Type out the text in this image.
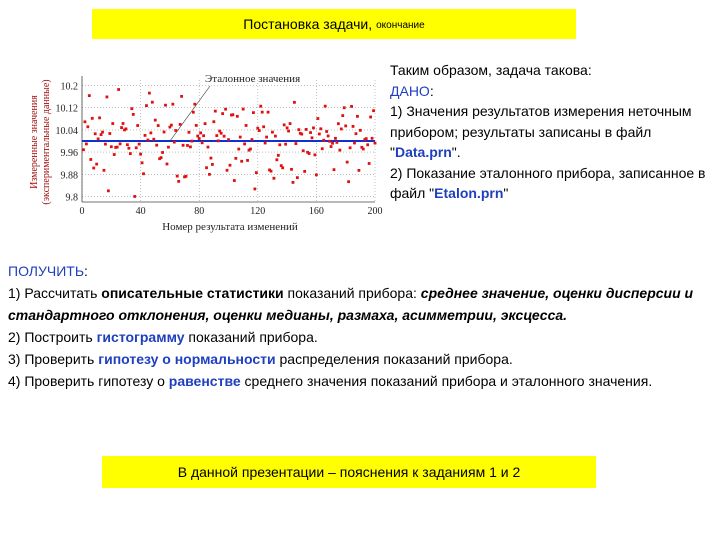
Постановка задачи, окончание
10.2
10.12
10.04
9.96
9.88
9.8
0	40	80	120	160	200
Измеренные значения (экспериментальные данные)
Номер результата изменений
Эталонное значения

Таким образом, задача такова:

ДАНО:

1) Значения результатов измерения неточным прибором; результаты записаны в файл "Data.prn".

2) Показание эталонного прибора, записанное в файл "Etalon.prn"

ПОЛУЧИТЬ:

1) Рассчитать описательные статистики показаний прибора: среднее значение, оценки дисперсии и стандартного отклонения, оценки медианы, размаха, асимметрии, эксцесса.

2) Построить гистограмму показаний прибора.

3) Проверить гипотезу о нормальности распределения показаний прибора.

4) Проверить гипотезу о равенстве среднего значения показаний прибора и эталонного значения.

В данной презентации – пояснения к заданиям 1 и 2
